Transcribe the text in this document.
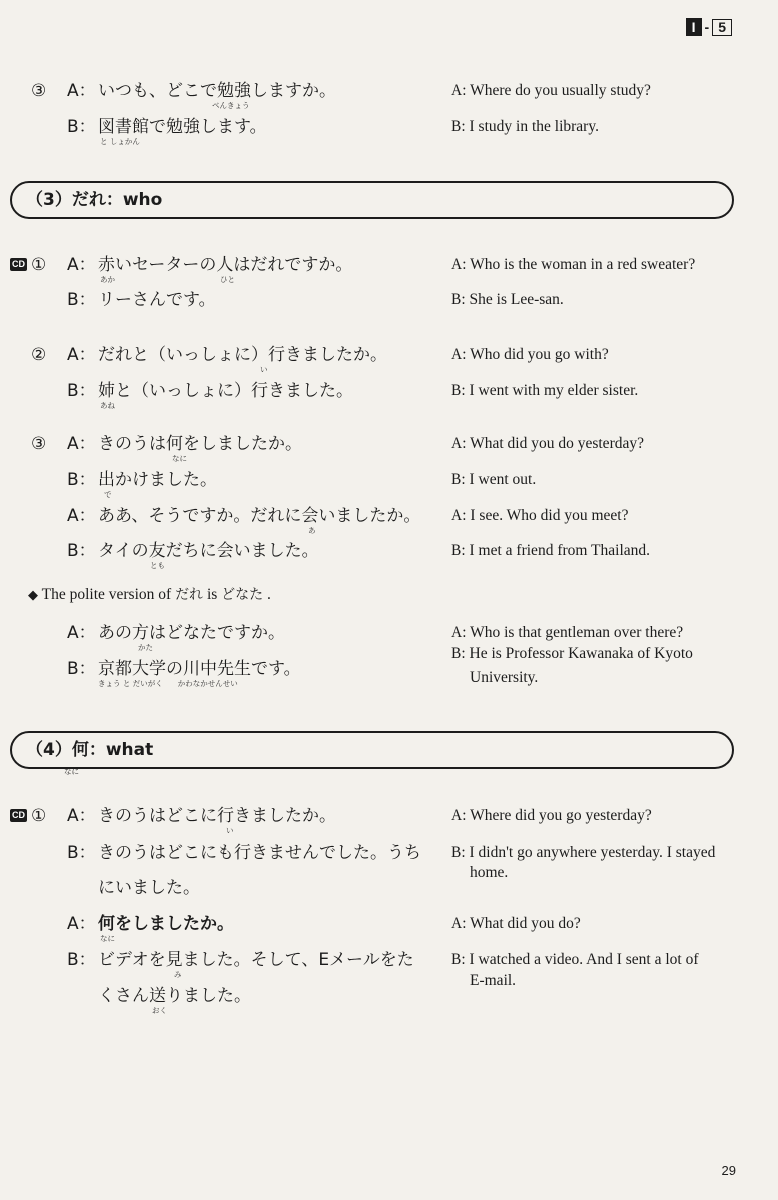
I - 5
③ A： いつも、どこで勉強しますか。
べんきょう
A: Where do you usually study?
B： 図書館で勉強します。
と しょかん
B: I study in the library.
（3）だれ：who
CD ① A： 赤いセーターの人はだれですか。
あか	ひと
A: Who is the woman in a red sweater?
B： リーさんです。	B: She is Lee-san.
② A： だれと（いっしょに）行きましたか。
い
A: Who did you go with?
B： 姉と（いっしょに）行きました。
あね
B: I went with my elder sister.
③ A： きのうは何をしましたか。
なに
A: What did you do yesterday?
B： 出かけました。
で
B: I went out.
A： ああ、そうですか。だれに会いましたか。
あ
A: I see. Who did you meet?
B： タイの友だちに会いました。
とも
B: I met a friend from Thailand.
◆ The polite version of だれ is どなた .
A： あの方はどなたですか。
かた
A: Who is that gentleman over there?
B： 京都大学の川中先生です。
きょう と だいがく　　かわなかせんせい
B: He is Professor Kawanaka of Kyoto
University.
（4）何：what
なに
CD ① A： きのうはどこに行きましたか。
い
A: Where did you go yesterday?
B： きのうはどこにも行きませんでした。うち B: I didn't go anywhere yesterday. I stayed
にいました。
home.
A： 何をしましたか。
なに
A: What did you do?
B： ビデオを見ました。そして、Eメールをた
み
B: I watched a video. And I sent a lot of
くさん送りました。
おく
E-mail.
29
